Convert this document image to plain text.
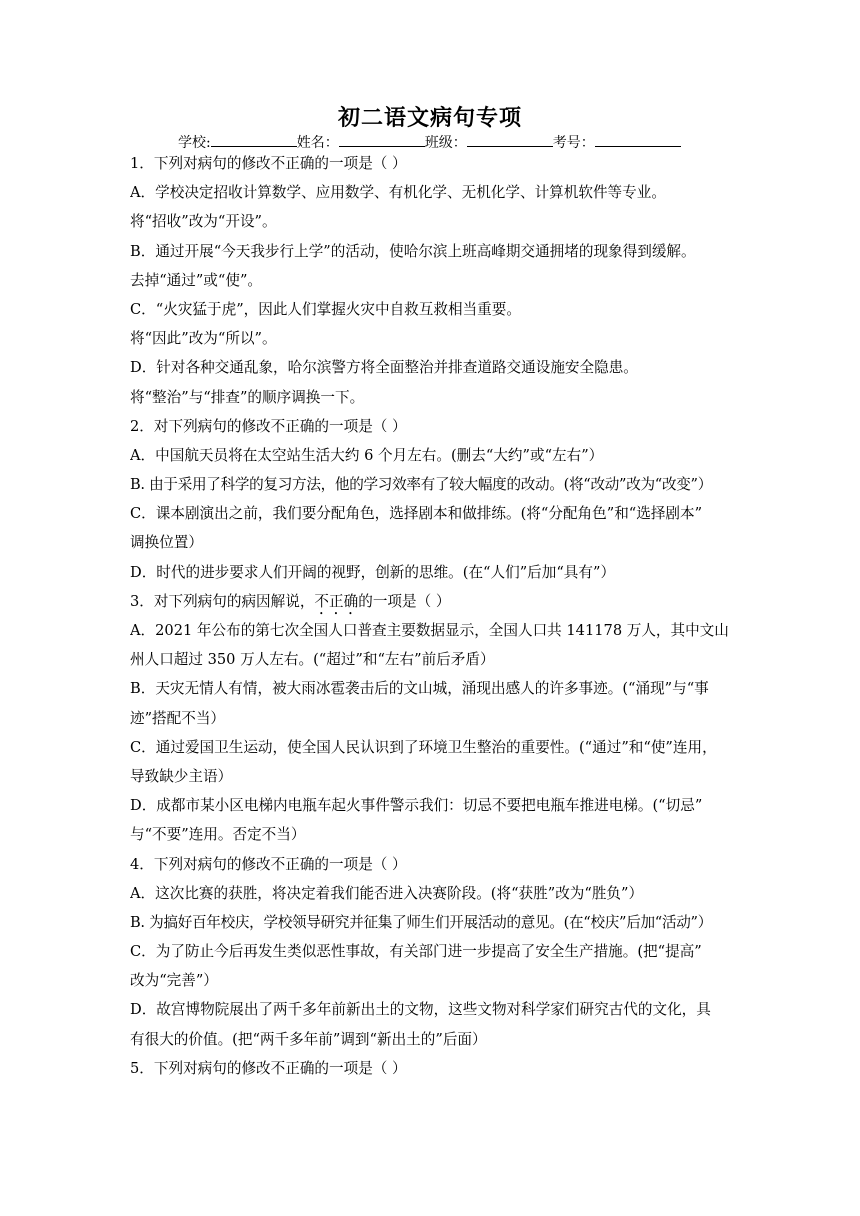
初二语文病句专项
学校:	姓名：	班级：	考号：
1．下列对病句的修改不正确的一项是（ ）
A．学校决定招收计算数学、应用数学、有机化学、无机化学、计算机软件等专业。
将“招收”改为“开设”。
B．通过开展“今天我步行上学”的活动，使哈尔滨上班高峰期交通拥堵的现象得到缓解。
去掉“通过”或“使”。
C．“火灾猛于虎”，因此人们掌握火灾中自救互救相当重要。
将“因此”改为“所以”。
D．针对各种交通乱象，哈尔滨警方将全面整治并排查道路交通设施安全隐患。
将“整治”与“排查”的顺序调换一下。
2．对下列病句的修改不正确的一项是（ ）
A．中国航天员将在太空站生活大约 6 个月左右。(删去“大约”或“左右”）
B. 由于采用了科学的复习方法，他的学习效率有了较大幅度的改动。(将“改动”改为“改变”）
C．课本剧演出之前，我们要分配角色，选择剧本和做排练。(将“分配角色”和“选择剧本”
调换位置）
D．时代的进步要求人们开阔的视野，创新的思维。(在“人们”后加“具有”）
3．对下列病句的病因解说，不正确的一项是（ ）
A．2021 年公布的第七次全国人口普查主要数据显示，全国人口共 141178 万人，其中文山
州人口超过 350 万人左右。(“超过”和“左右”前后矛盾）
B．天灾无情人有情，被大雨冰雹袭击后的文山城，涌现出感人的许多事迹。(“涌现”与“事
迹”搭配不当）
C．通过爱国卫生运动，使全国人民认识到了环境卫生整治的重要性。(“通过”和“使”连用，
导致缺少主语）
D．成都市某小区电梯内电瓶车起火事件警示我们：切忌不要把电瓶车推进电梯。(“切忌”
与“不要”连用。否定不当）
4．下列对病句的修改不正确的一项是（ ）
A．这次比赛的获胜，将决定着我们能否进入决赛阶段。(将“获胜”改为“胜负”）
B. 为搞好百年校庆，学校领导研究并征集了师生们开展活动的意见。(在“校庆”后加“活动”）
C．为了防止今后再发生类似恶性事故，有关部门进一步提高了安全生产措施。(把“提高”
改为“完善”）
D．故宫博物院展出了两千多年前新出土的文物，这些文物对科学家们研究古代的文化，具
有很大的价值。(把“两千多年前”调到“新出土的”后面）
5．下列对病句的修改不正确的一项是（ ）
